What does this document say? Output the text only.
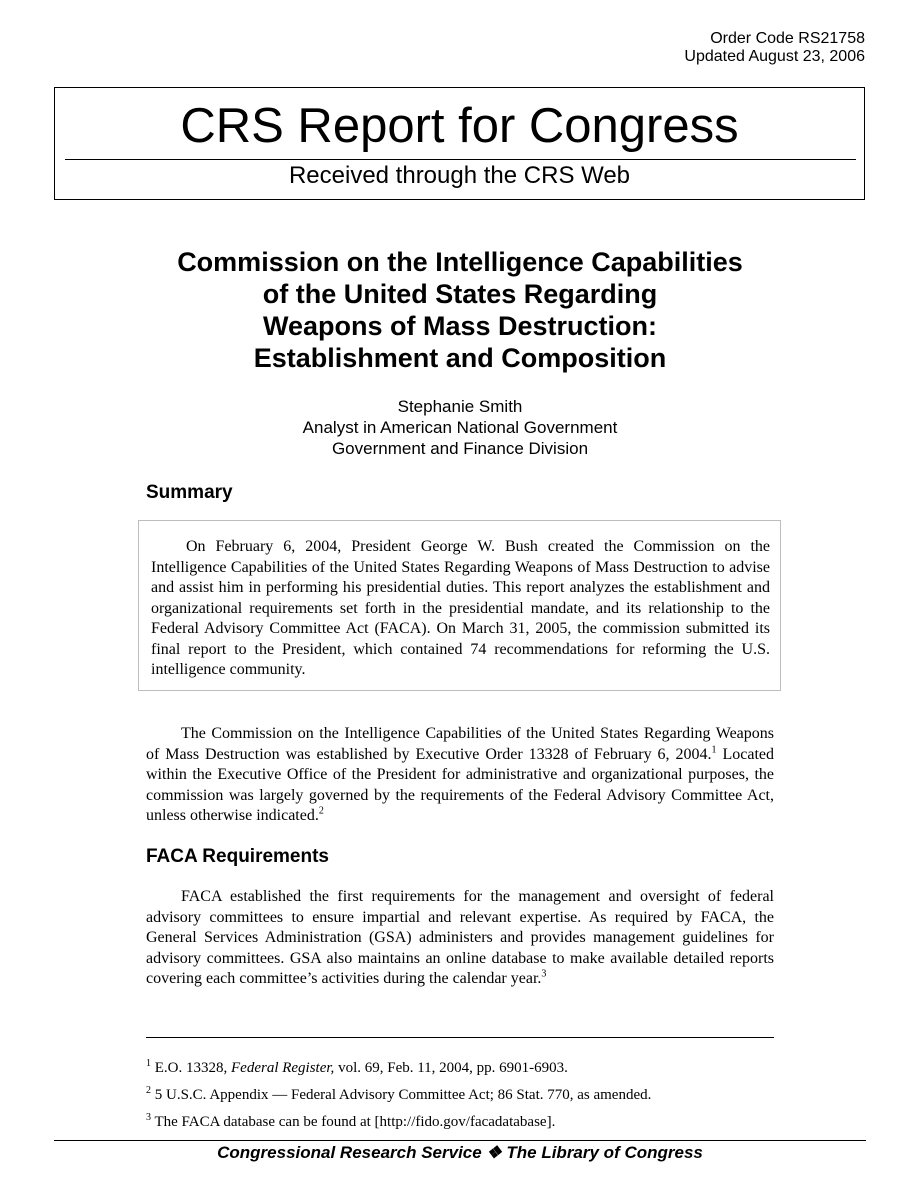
Order Code RS21758
Updated August 23, 2006
CRS Report for Congress
Received through the CRS Web
Commission on the Intelligence Capabilities
of the United States Regarding
Weapons of Mass Destruction:
Establishment and Composition
Stephanie Smith
Analyst in American National Government
Government and Finance Division
Summary

On February 6, 2004, President George W. Bush created the Commission on the Intelligence Capabilities of the United States Regarding Weapons of Mass Destruction to advise and assist him in performing his presidential duties. This report analyzes the establishment and organizational requirements set forth in the presidential mandate, and its relationship to the Federal Advisory Committee Act (FACA). On March 31, 2005, the commission submitted its final report to the President, which contained 74 recommendations for reforming the U.S. intelligence community.

The Commission on the Intelligence Capabilities of the United States Regarding Weapons of Mass Destruction was established by Executive Order 13328 of February 6, 2004.$^1$ Located within the Executive Office of the President for administrative and organizational purposes, the commission was largely governed by the requirements of the Federal Advisory Committee Act, unless otherwise indicated.$^2$

FACA Requirements

FACA established the first requirements for the management and oversight of federal advisory committees to ensure impartial and relevant expertise. As required by FACA, the General Services Administration (GSA) administers and provides management guidelines for advisory committees. GSA also maintains an online database to make available detailed reports covering each committee’s activities during the calendar year.$^3$

$^1$ E.O. 13328, Federal Register, vol. 69, Feb. 11, 2004, pp. 6901-6903.
$^2$ 5 U.S.C. Appendix — Federal Advisory Committee Act; 86 Stat. 770, as amended.
$^3$ The FACA database can be found at [http://fido.gov/facadatabase].
Congressional Research Service ❖ The Library of Congress
